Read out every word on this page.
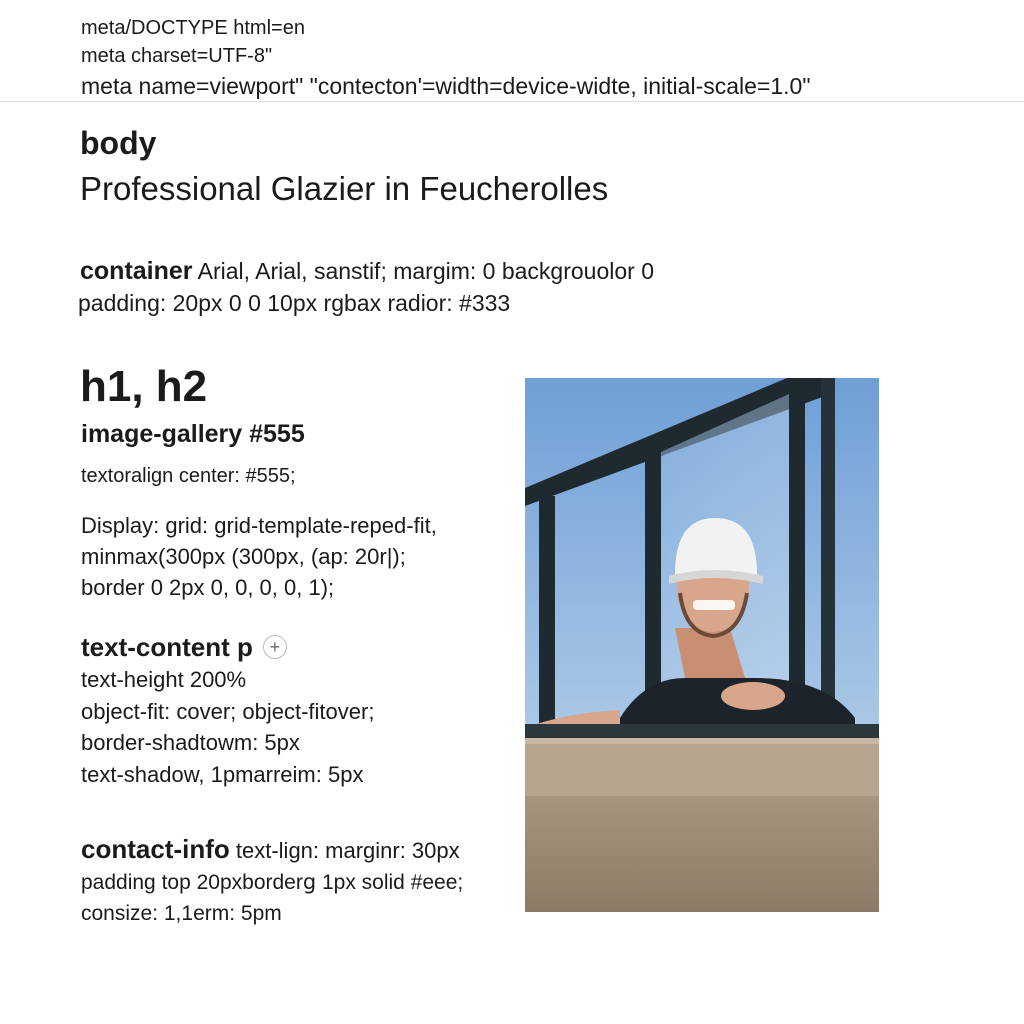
meta/DOCTYPE html=en
meta charset=UTF-8"
meta name=viewport" "contecton'=width=device-widte, initial-scale=1.0"
body
Professional Glazier in Feucherolles
container Arial, Arial, sanstif; margim: 0 backgrouolor 0
padding: 20px 0 0 10px rgbax radior: #333
h1, h2
image-gallery #555
textoralign center: #555;
Display: grid: grid-template-reped-fit,
minmax(300px (300px, (ap: 20r|);
border 0 2px 0, 0, 0, 0, 1);
text-content p +
text-height 200%
object-fit: cover; object-fitover;
border-shadtowm: 5px
text-shadow, 1pmarreim: 5px
contact-info text-lign: marginr: 30px
padding top 20pxborderց 1px solid #eee;
consize: 1,1erm: 5pm
